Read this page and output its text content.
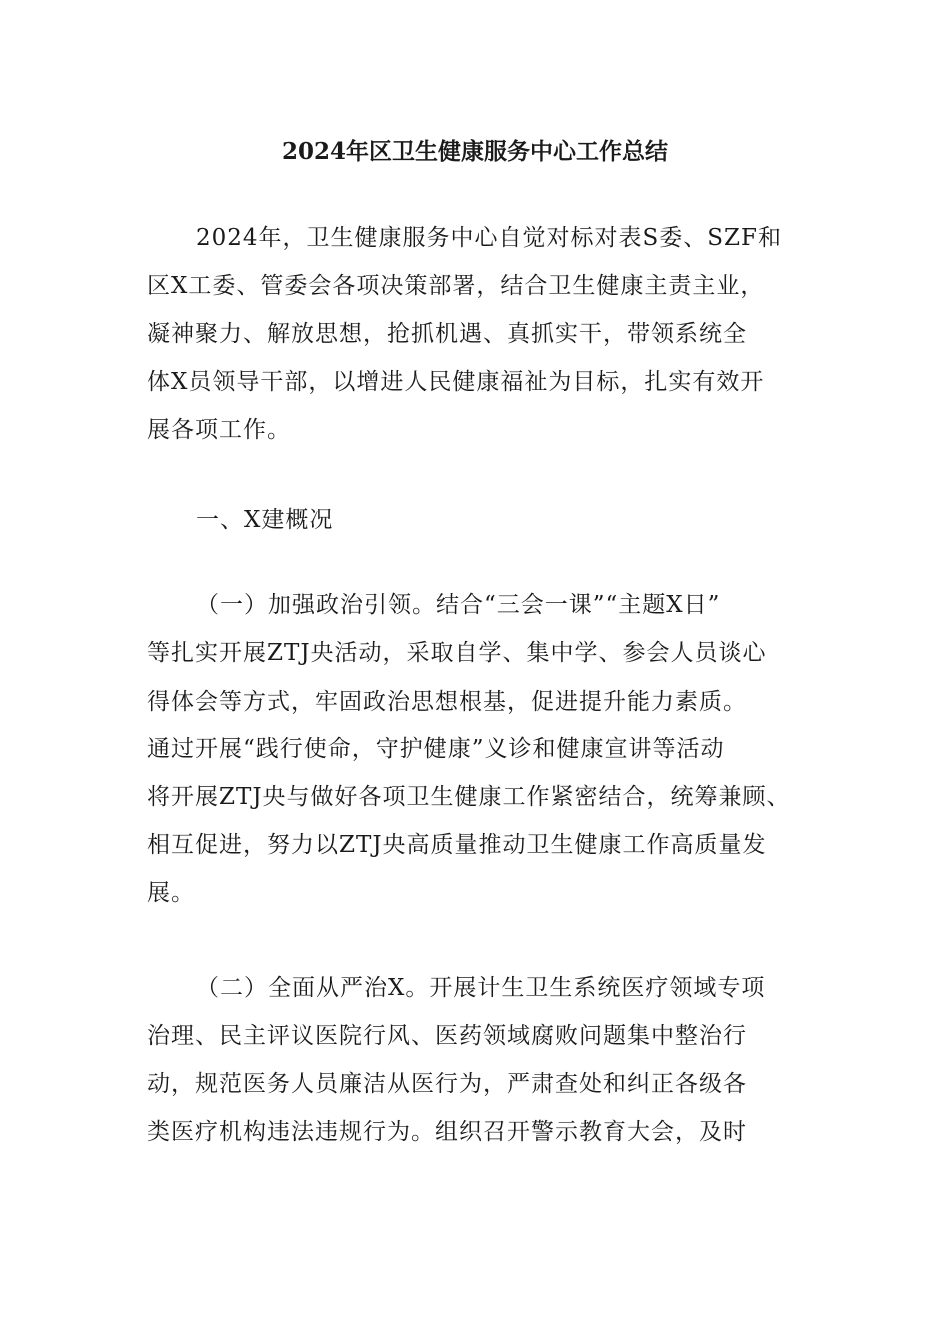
2024年区卫生健康服务中心工作总结
2024年，卫生健康服务中心自觉对标对表S委、SZF和
区X工委、管委会各项决策部署，结合卫生健康主责主业，
凝神聚力、解放思想，抢抓机遇、真抓实干，带领系统全
体X员领导干部，以增进人民健康福祉为目标，扎实有效开
展各项工作。
一、X建概况
（一）加强政治引领。结合“三会一课”“主题X日”
等扎实开展ZTJ央活动，采取自学、集中学、参会人员谈心
得体会等方式，牢固政治思想根基，促进提升能力素质。
通过开展“践行使命，守护健康”义诊和健康宣讲等活动
将开展ZTJ央与做好各项卫生健康工作紧密结合，统筹兼顾、
相互促进，努力以ZTJ央高质量推动卫生健康工作高质量发
展。
（二）全面从严治X。开展计生卫生系统医疗领域专项
治理、民主评议医院行风、医药领域腐败问题集中整治行
动，规范医务人员廉洁从医行为，严肃查处和纠正各级各
类医疗机构违法违规行为。组织召开警示教育大会，及时
